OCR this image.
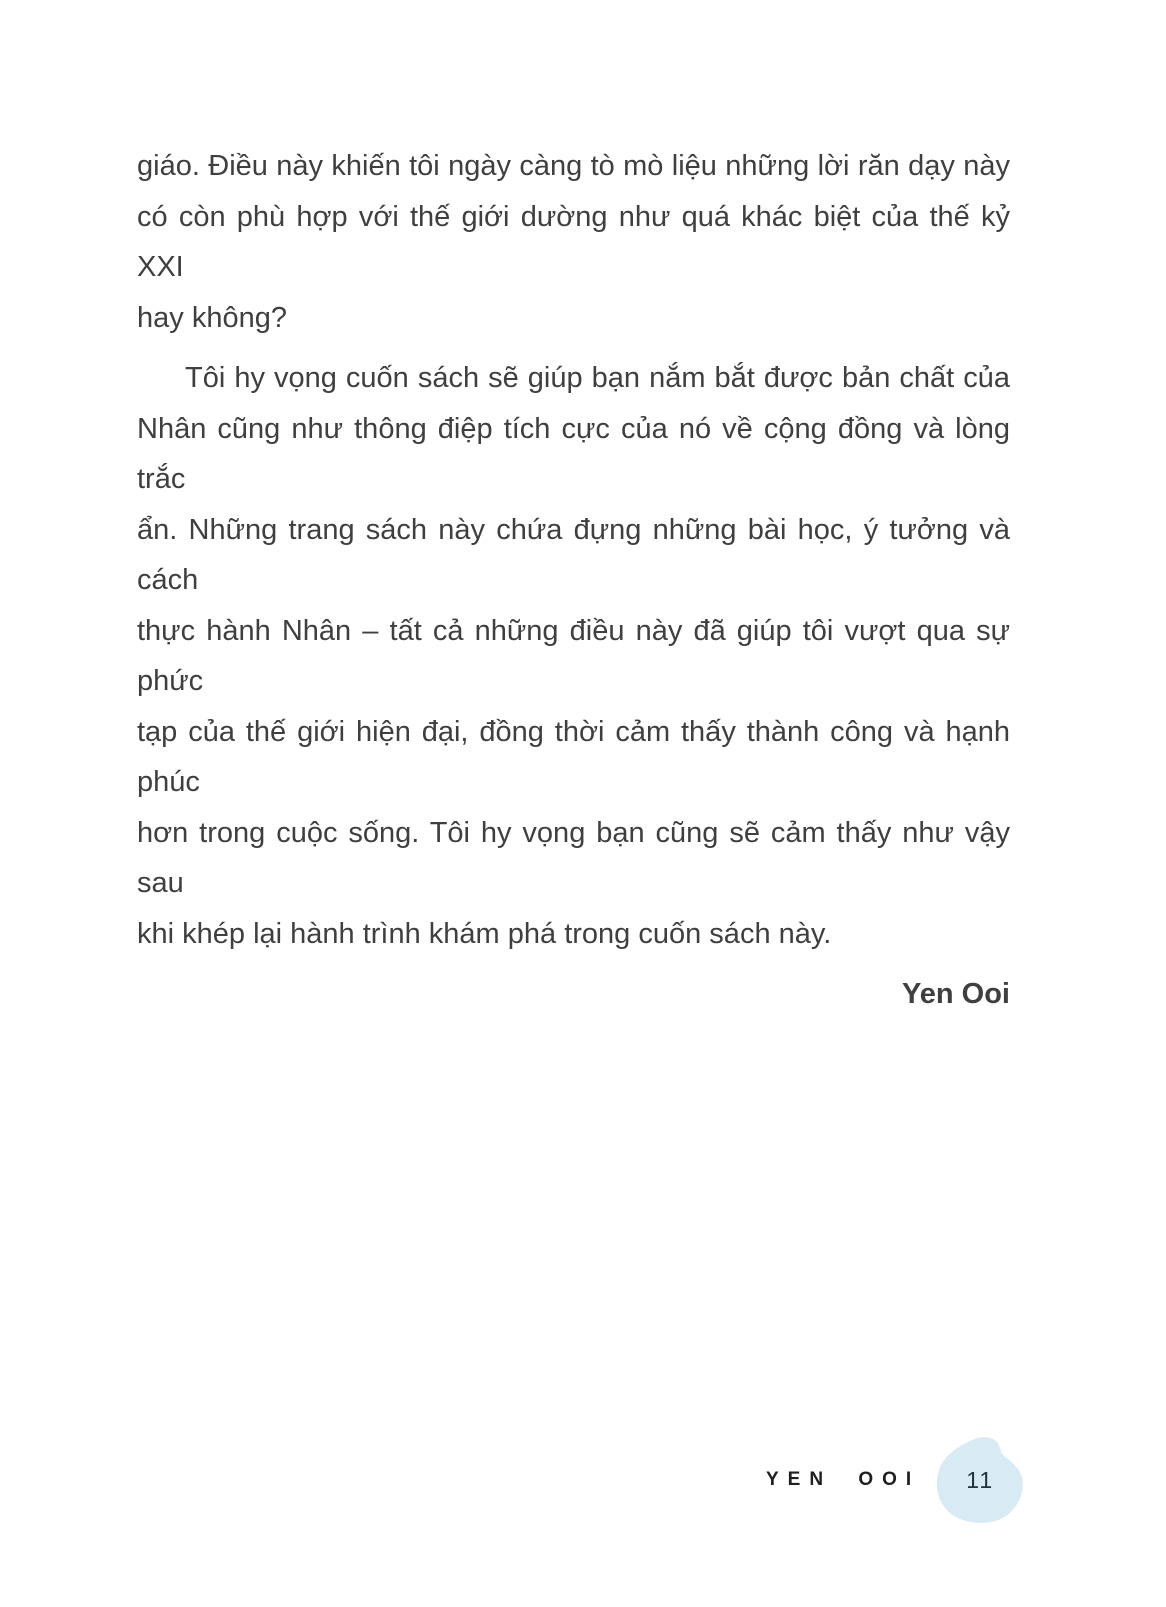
giáo. Điều này khiến tôi ngày càng tò mò liệu những lời răn dạy này
có còn phù hợp với thế giới dường như quá khác biệt của thế kỷ XXI
hay không?
Tôi hy vọng cuốn sách sẽ giúp bạn nắm bắt được bản chất của
Nhân cũng như thông điệp tích cực của nó về cộng đồng và lòng trắc
ẩn. Những trang sách này chứa đựng những bài học, ý tưởng và cách
thực hành Nhân – tất cả những điều này đã giúp tôi vượt qua sự phức
tạp của thế giới hiện đại, đồng thời cảm thấy thành công và hạnh phúc
hơn trong cuộc sống. Tôi hy vọng bạn cũng sẽ cảm thấy như vậy sau
khi khép lại hành trình khám phá trong cuốn sách này.
Yen Ooi
YEN OOI	11
